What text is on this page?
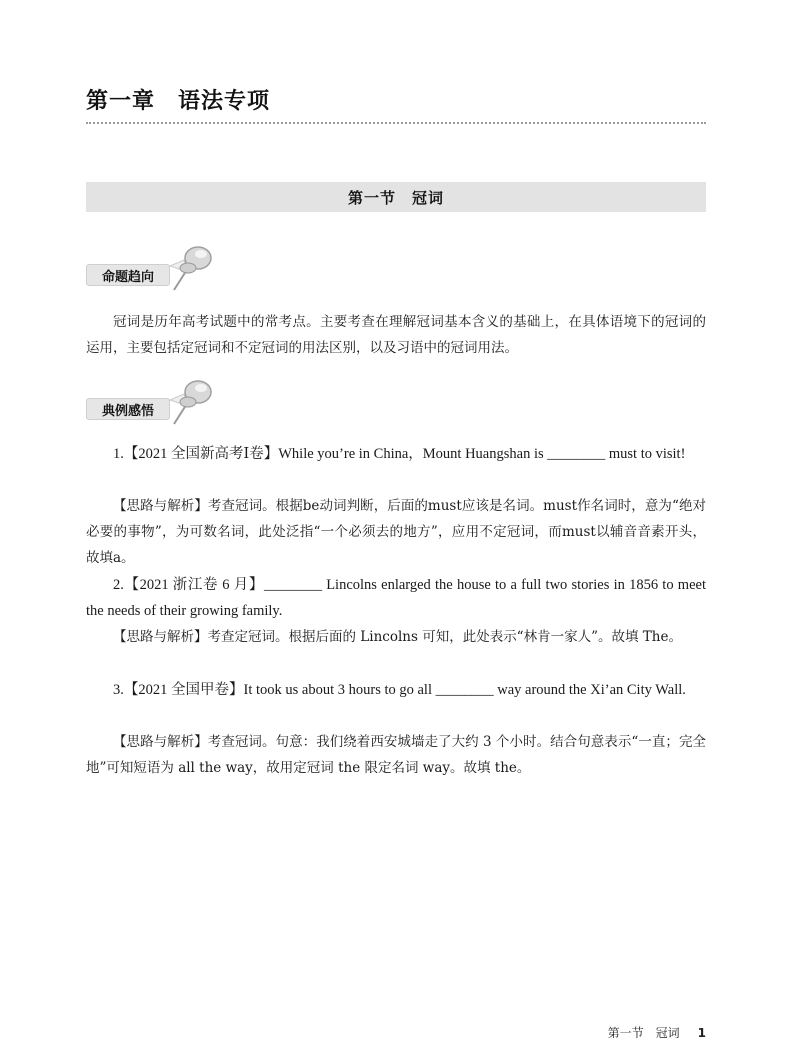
第一章　语法专项
第一节　冠词
命题趋向
冠词是历年高考试题中的常考点。主要考查在理解冠词基本含义的基础上，在具体语境下的冠词的运用，主要包括定冠词和不定冠词的用法区别，以及习语中的冠词用法。
典例感悟
1.【2021 全国新高考Ⅰ卷】While you’re in China，Mount Huangshan is ________ must to visit!
【思路与解析】考查冠词。根据be动词判断，后面的must应该是名词。must作名词时，意为“绝对必要的事物”，为可数名词，此处泛指“一个必须去的地方”，应用不定冠词，而must以辅音音素开头，故填a。
2.【2021 浙江卷 6 月】________ Lincolns enlarged the house to a full two stories in 1856 to meet the needs of their growing family.
【思路与解析】考查定冠词。根据后面的 Lincolns 可知，此处表示“林肯一家人”。故填 The。
3.【2021 全国甲卷】It took us about 3 hours to go all ________ way around the Xi’an City Wall.
【思路与解析】考查冠词。句意：我们绕着西安城墙走了大约 3 个小时。结合句意表示“一直；完全地”可知短语为 all the way，故用定冠词 the 限定名词 way。故填 the。
第一节　冠词 1
